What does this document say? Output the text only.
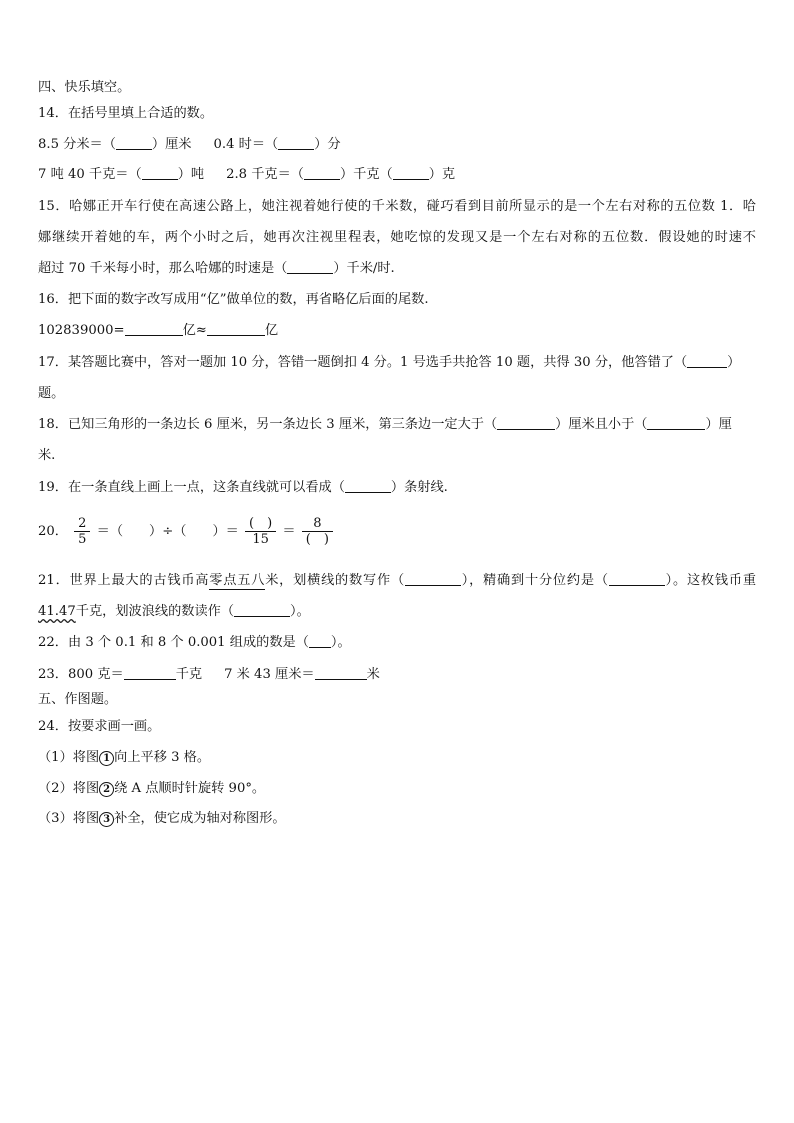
四、快乐填空。
14．在括号里填上合适的数。
8.5 分米＝（	）厘米 0.4 时＝（	）分
7 吨 40 千克＝（	）吨 2.8 千克＝（	）千克（	）克
15．哈娜正开车行使在高速公路上，她注视着她行使的千米数，碰巧看到目前所显示的是一个左右对称的五位数 1．哈
娜继续开着她的车，两个小时之后，她再次注视里程表，她吃惊的发现又是一个左右对称的五位数．假设她的时速不
超过 70 千米每小时，那么哈娜的时速是（	）千米/时.
16．把下面的数字改写成用“亿”做单位的数，再省略亿后面的尾数.
102839000=	亿≈	亿
17．某答题比赛中，答对一题加 10 分，答错一题倒扣 4 分。1 号选手共抢答 10 题，共得 30 分，他答错了（	）
题。
18．已知三角形的一条边长 6 厘米，另一条边长 3 厘米，第三条边一定大于（	）厘米且小于（	）厘
米.
19．在一条直线上画上一点，这条直线就可以看成（	）条射线.
20． $\frac{2}{5}$ ＝（ ）÷（ ）＝ $\frac{( )}{15} = \frac{8}{( )}$
21．世界上最大的古钱币高零点五八米，划横线的数写作（	），精确到十分位约是（	）。这枚钱币重
41.47千克，划波浪线的数读作（	）。
22．由 3 个 0.1 和 8 个 0.001 组成的数是（ ）。
23．800 克＝	千克 7 米 43 厘米＝	米
五、作图题。
24．按要求画一画。
（1）将图 1 向上平移 3 格。
（2）将图 2 绕 A 点顺时针旋转 90°。
（3）将图 3 补全，使它成为轴对称图形。
